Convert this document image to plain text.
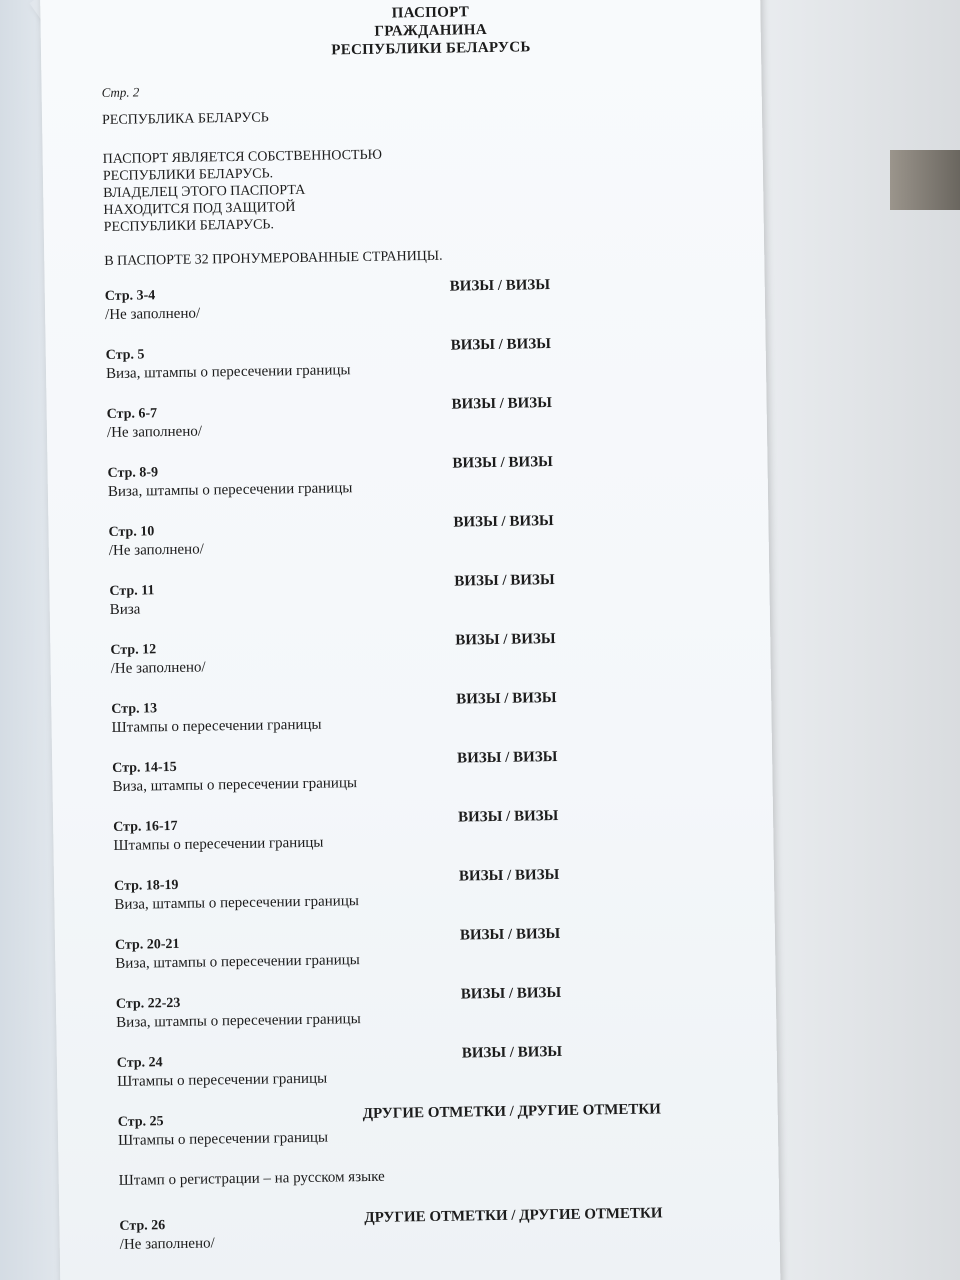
ПАСПОРТ
ГРАЖДАНИНА
РЕСПУБЛИКИ БЕЛАРУСЬ
Стр. 2
РЕСПУБЛИКА БЕЛАРУСЬ
ПАСПОРТ ЯВЛЯЕТСЯ СОБСТВЕННОСТЬЮ
РЕСПУБЛИКИ БЕЛАРУСЬ.
ВЛАДЕЛЕЦ ЭТОГО ПАСПОРТА
НАХОДИТСЯ ПОД ЗАЩИТОЙ
РЕСПУБЛИКИ БЕЛАРУСЬ.
В ПАСПОРТЕ 32 ПРОНУМЕРОВАННЫЕ СТРАНИЦЫ.
Стр. 3-4
ВИЗЫ / ВИЗЫ
/Не заполнено/
Стр. 5
ВИЗЫ / ВИЗЫ
Виза, штампы о пересечении границы
Стр. 6-7
ВИЗЫ / ВИЗЫ
/Не заполнено/
Стр. 8-9
ВИЗЫ / ВИЗЫ
Виза, штампы о пересечении границы
Стр. 10
ВИЗЫ / ВИЗЫ
/Не заполнено/
Стр. 11
ВИЗЫ / ВИЗЫ
Виза
Стр. 12
ВИЗЫ / ВИЗЫ
/Не заполнено/
Стр. 13
ВИЗЫ / ВИЗЫ
Штампы о пересечении границы
Стр. 14-15
ВИЗЫ / ВИЗЫ
Виза, штампы о пересечении границы
Стр. 16-17
ВИЗЫ / ВИЗЫ
Штампы о пересечении границы
Стр. 18-19
ВИЗЫ / ВИЗЫ
Виза, штампы о пересечении границы
Стр. 20-21
ВИЗЫ / ВИЗЫ
Виза, штампы о пересечении границы
Стр. 22-23
ВИЗЫ / ВИЗЫ
Виза, штампы о пересечении границы
Стр. 24
ВИЗЫ / ВИЗЫ
Штампы о пересечении границы
Стр. 25	ДРУГИЕ ОТМЕТКИ / ДРУГИЕ ОТМЕТКИ
Штампы о пересечении границы
Штамп о регистрации – на русском языке
Стр. 26	ДРУГИЕ ОТМЕТКИ / ДРУГИЕ ОТМЕТКИ
/Не заполнено/
